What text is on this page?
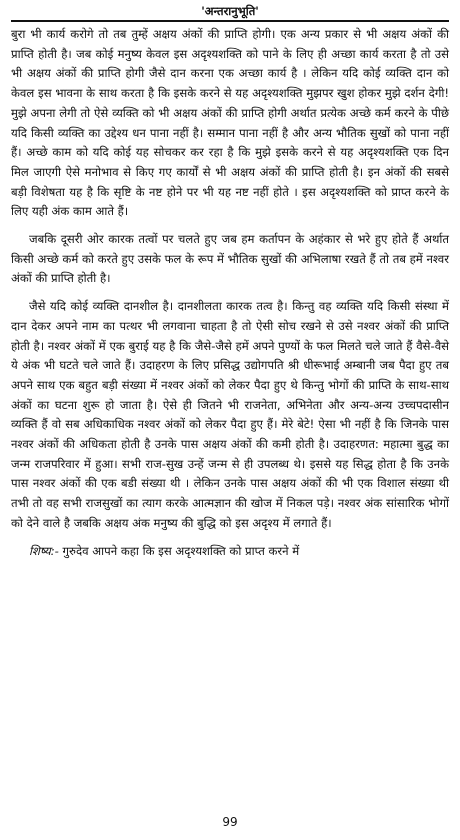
'अन्तरानुभूति'

बुरा भी कार्य करोगे तो तब तुम्हें अक्षय अंकों की प्राप्ति होगी। एक अन्य प्रकार से भी अक्षय अंकों की प्राप्ति होती है। जब कोई मनुष्य केवल इस अदृश्यशक्ति को पाने के लिए ही अच्छा कार्य करता है तो उसे भी अक्षय अंकों की प्राप्ति होगी जैसे दान करना एक अच्छा कार्य है । लेकिन यदि कोई व्यक्ति दान को केवल इस भावना के साथ करता है कि इसके करने से यह अदृश्यशक्ति मुझपर खुश होकर मुझे दर्शन देगी! मुझे अपना लेगी तो ऐसे व्यक्ति को भी अक्षय अंकों की प्राप्ति होगी अर्थात प्रत्येक अच्छे कर्म करने के पीछे यदि किसी व्यक्ति का उद्देश्य धन पाना नहीं है। सम्मान पाना नहीं है और अन्य भौतिक सुखों को पाना नहीं हैं। अच्छे काम को यदि कोई यह सोचकर कर रहा है कि मुझे इसके करने से यह अदृश्यशक्ति एक दिन मिल जाएगी ऐसे मनोभाव से किए गए कार्यों से भी अक्षय अंकों की प्राप्ति होती है। इन अंकों की सबसे बड़ी विशेषता यह है कि सृष्टि के नष्ट होने पर भी यह नष्ट नहीं होते । इस अदृश्यशक्ति को प्राप्त करने के लिए यही अंक काम आते हैं।

जबकि दूसरी ओर कारक तत्वों पर चलते हुए जब हम कर्तापन के अहंकार से भरे हुए होते हैं अर्थात किसी अच्छे कर्म को करते हुए उसके फल के रूप में भौतिक सुखों की अभिलाषा रखते हैं तो तब हमें नश्वर अंकों की प्राप्ति होती है।

जैसे यदि कोई व्यक्ति दानशील है। दानशीलता कारक तत्व है। किन्तु वह व्यक्ति यदि किसी संस्था में दान देकर अपने नाम का पत्थर भी लगवाना चाहता है तो ऐसी सोच रखने से उसे नश्वर अंकों की प्राप्ति होती है। नश्वर अंकों में एक बुराई यह है कि जैसे-जैसे हमें अपने पुण्यों के फल मिलते चले जाते हैं वैसे-वैसे ये अंक भी घटते चले जाते हैं। उदाहरण के लिए प्रसिद्ध उद्योगपति श्री धीरूभाई अम्बानी जब पैदा हुए तब अपने साथ एक बहुत बड़ी संख्या में नश्वर अंकों को लेकर पैदा हुए थे किन्तु भोगों की प्राप्ति के साथ-साथ अंकों का घटना शुरू हो जाता है। ऐसे ही जितने भी राजनेता, अभिनेता और अन्य-अन्य उच्चपदासीन व्यक्ति हैं वो सब अधिकाधिक नश्वर अंकों को लेकर पैदा हुए हैं। मेरे बेटे! ऐसा भी नहीं है कि जिनके पास नश्वर अंकों की अधिकता होती है उनके पास अक्षय अंकों की कमी होती है। उदाहरणत: महात्मा बुद्ध का जन्म राजपरिवार में हुआ। सभी राज-सुख उन्हें जन्म से ही उपलब्ध थे। इससे यह सिद्ध होता है कि उनके पास नश्वर अंकों की एक बडी संख्या थी । लेकिन उनके पास अक्षय अंकों की भी एक विशाल संख्या थी तभी तो वह सभी राजसुखों का त्याग करके आत्मज्ञान की खोज में निकल पड़े। नश्वर अंक सांसारिक भोगों को देने वाले है जबकि अक्षय अंक मनुष्य की बुद्धि को इस अदृश्य में लगाते हैं।

शिष्य:- गुरुदेव आपने कहा कि इस अदृश्यशक्ति को प्राप्त करने में

99
